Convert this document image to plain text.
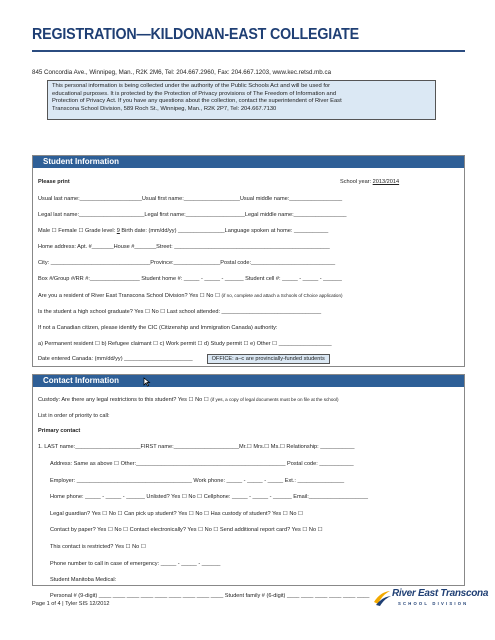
REGISTRATION—KILDONAN-EAST COLLEGIATE
845 Concordia Ave., Winnipeg, Man., R2K 2M6, Tel: 204.667.2960, Fax: 204.667.1203, www.kec.retsd.mb.ca
This personal information is being collected under the authority of the Public Schools Act and will be used for
educational purposes. It is protected by the Protection of Privacy provisions of The Freedom of Information and
Protection of Privacy Act. If you have any questions about the collection, contact the superintendent of River East
Transcona School Division, 589 Roch St., Winnipeg, Man., R2K 2P7, Tel: 204.667.7130
Student Information
Please print	School year: 2013/2014
Usual last name:____________________Usual first name:__________________Usual middle name:_________________
Legal last name:_____________________Legal first name:___________________Legal middle name:_________________
Male ☐ Female ☐ Grade level: 9 Birth date: (mm/dd/yy) _______________Language spoken at home: ___________
Home address: Apt. #_______House #_______Street: __________________________________________________
City: ________________________________Province:_______________Postal code:___________________________
Box #/Group #/RR #:________________ Student home #: _____ - _____ - ______ Student cell #: _____ - _____ - ______
Are you a resident of River East Transcona School Division? Yes ☐ No ☐ (if no, complete and attach a Schools of Choice application)
Is the student a high school graduate? Yes ☐ No ☐ Last school attended: ________________________________
If not a Canadian citizen, please identify the CIC (Citizenship and Immigration Canada) authority:
a) Permanent resident ☐ b) Refugee claimant ☐ c) Work permit ☐ d) Study permit ☐ e) Other ☐ _________________
Date entered Canada: (mm/dd/yy) ______________________	OFFICE: a–c are provincially-funded students
Contact Information
Custody: Are there any legal restrictions to this student? Yes ☐ No ☐ (if yes, a copy of legal documents must be on file at the school)
List in order of priority to call:
Primary contact
1. LAST name:_____________________FIRST name:_____________________Mr.☐ Mrs.☐ Ms.☐ Relationship: ___________
Address: Same as above ☐ Other:________________________________________________ Postal code: ___________
Employer: _____________________________________ Work phone: _____ - _____ - _____ Ext.: _______________
Home phone: _____ - _____ - ______ Unlisted? Yes ☐ No ☐ Cellphone: _____ - _____ - ______ Email:___________________
Legal guardian? Yes ☐ No ☐ Can pick up student? Yes ☐ No ☐ Has custody of student? Yes ☐ No ☐
Contact by paper? Yes ☐ No ☐ Contact electronically? Yes ☐ No ☐ Send additional report card? Yes ☐ No ☐
This contact is restricted? Yes ☐ No ☐
Phone number to call in case of emergency: _____ - _____ - ______
Student Manitoba Medical:
Personal # (9-digit) ____ ____ ____ ____ ____ ____ ____ ____ ____ Student family # (6-digit) ____ ____ ____ ____ ____ ____
Page 1 of 4 | Tyler SIS 12/2012
River East Transcona
SCHOOL DIVISION
